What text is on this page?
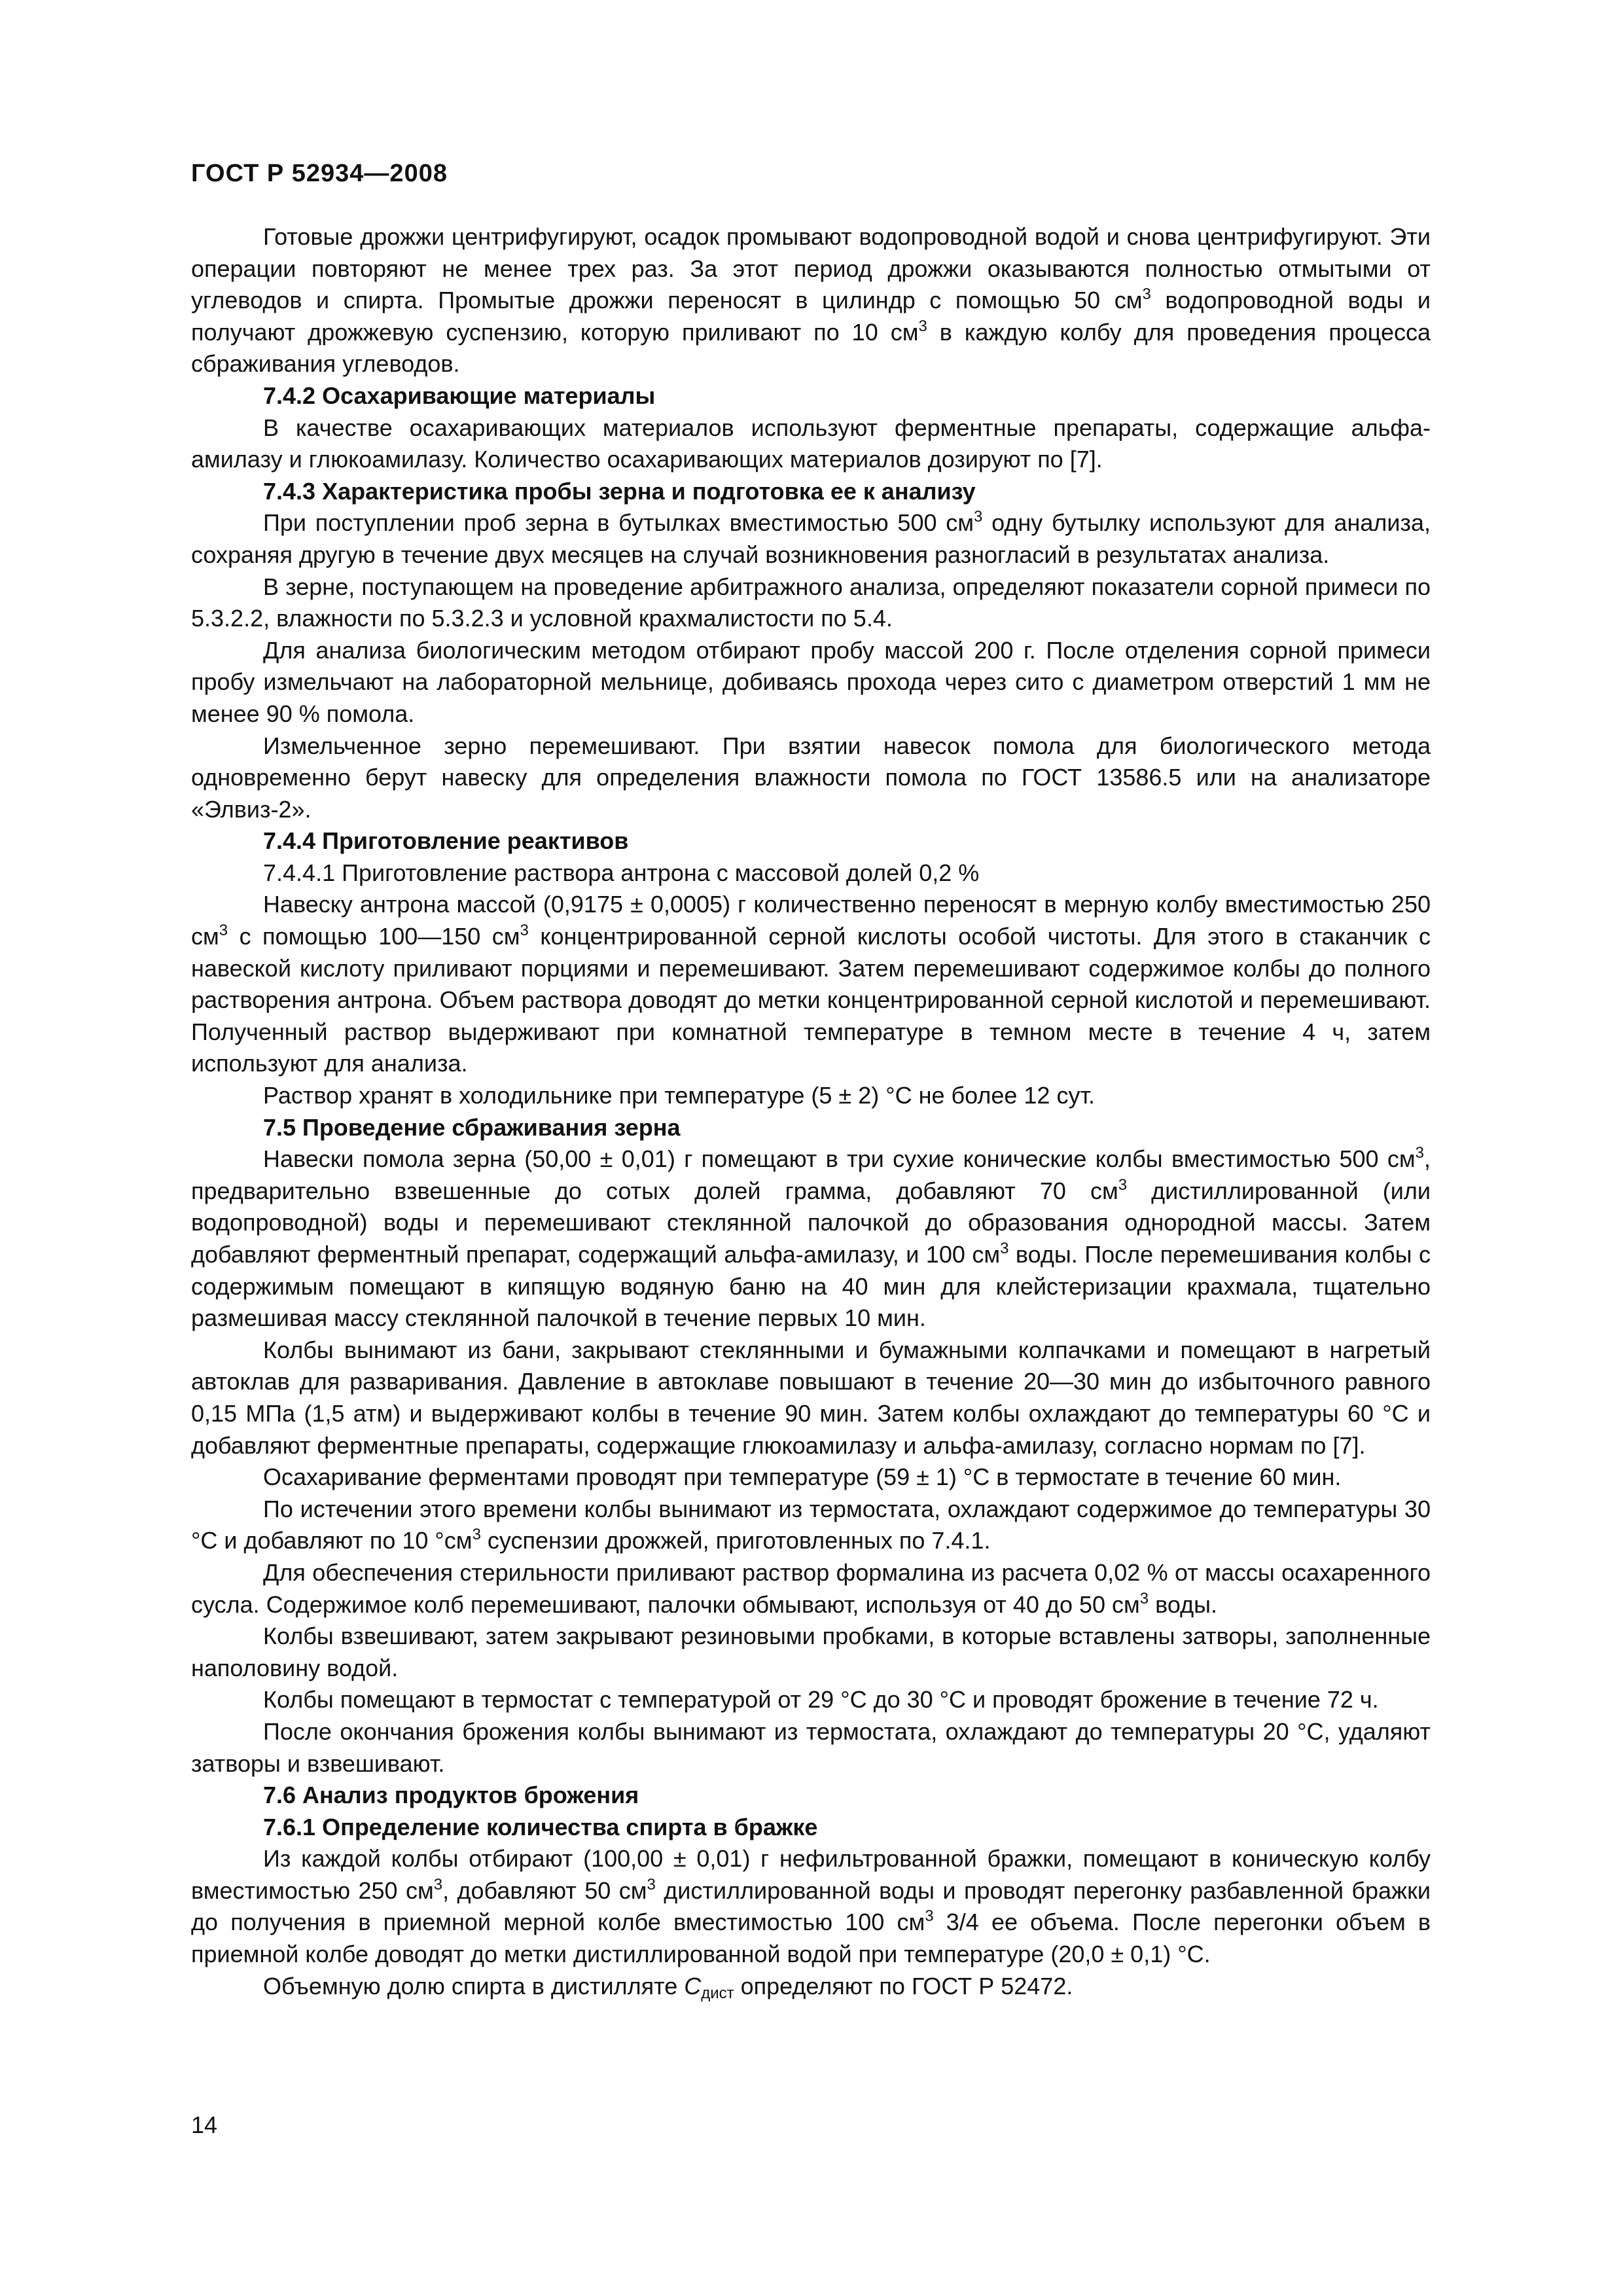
ГОСТ Р 52934—2008

Готовые дрожжи центрифугируют, осадок промывают водопроводной водой и снова центрифугируют. Эти операции повторяют не менее трех раз. За этот период дрожжи оказываются полностью отмытыми от углеводов и спирта. Промытые дрожжи переносят в цилиндр с помощью 50 $см^3$ водопроводной воды и получают дрожжевую суспензию, которую приливают по 10 $см^3$ в каждую колбу для проведения процесса сбраживания углеводов.

7.4.2 Осахаривающие материалы

В качестве осахаривающих материалов используют ферментные препараты, содержащие альфа-амилазу и глюкоамилазу. Количество осахаривающих материалов дозируют по [7].

7.4.3 Характеристика пробы зерна и подготовка ее к анализу

При поступлении проб зерна в бутылках вместимостью 500 $см^3$ одну бутылку используют для анализа, сохраняя другую в течение двух месяцев на случай возникновения разногласий в результатах анализа.

В зерне, поступающем на проведение арбитражного анализа, определяют показатели сорной примеси по 5.3.2.2, влажности по 5.3.2.3 и условной крахмалистости по 5.4.

Для анализа биологическим методом отбирают пробу массой 200 г. После отделения сорной примеси пробу измельчают на лабораторной мельнице, добиваясь прохода через сито с диаметром отверстий 1 мм не менее 90 % помола.

Измельченное зерно перемешивают. При взятии навесок помола для биологического метода одновременно берут навеску для определения влажности помола по ГОСТ 13586.5 или на анализаторе «Элвиз-2».

7.4.4 Приготовление реактивов

7.4.4.1 Приготовление раствора антрона с массовой долей 0,2 %

Навеску антрона массой (0,9175 ± 0,0005) г количественно переносят в мерную колбу вместимостью 250 $см^3$ с помощью 100—150 $см^3$ концентрированной серной кислоты особой чистоты. Для этого в стаканчик с навеской кислоту приливают порциями и перемешивают. Затем перемешивают содержимое колбы до полного растворения антрона. Объем раствора доводят до метки концентрированной серной кислотой и перемешивают. Полученный раствор выдерживают при комнатной температуре в темном месте в течение 4 ч, затем используют для анализа.

Раствор хранят в холодильнике при температуре (5 ± 2) °С не более 12 сут.

7.5 Проведение сбраживания зерна

Навески помола зерна (50,00 ± 0,01) г помещают в три сухие конические колбы вместимостью 500 $см^3$, предварительно взвешенные до сотых долей грамма, добавляют 70 $см^3$ дистиллированной (или водопроводной) воды и перемешивают стеклянной палочкой до образования однородной массы. Затем добавляют ферментный препарат, содержащий альфа-амилазу, и 100 $см^3$ воды. После перемешивания колбы с содержимым помещают в кипящую водяную баню на 40 мин для клейстеризации крахмала, тщательно размешивая массу стеклянной палочкой в течение первых 10 мин.

Колбы вынимают из бани, закрывают стеклянными и бумажными колпачками и помещают в нагретый автоклав для разваривания. Давление в автоклаве повышают в течение 20—30 мин до избыточного равного 0,15 МПа (1,5 атм) и выдерживают колбы в течение 90 мин. Затем колбы охлаждают до температуры 60 °С и добавляют ферментные препараты, содержащие глюкоамилазу и альфа-амилазу, согласно нормам по [7].

Осахаривание ферментами проводят при температуре (59 ± 1) °С в термостате в течение 60 мин.

По истечении этого времени колбы вынимают из термостата, охлаждают содержимое до температуры 30 °С и добавляют по 10 $^\circ см^3$ суспензии дрожжей, приготовленных по 7.4.1.

Для обеспечения стерильности приливают раствор формалина из расчета 0,02 % от массы осахаренного сусла. Содержимое колб перемешивают, палочки обмывают, используя от 40 до 50 $см^3$ воды.

Колбы взвешивают, затем закрывают резиновыми пробками, в которые вставлены затворы, заполненные наполовину водой.

Колбы помещают в термостат с температурой от 29 °С до 30 °С и проводят брожение в течение 72 ч.

После окончания брожения колбы вынимают из термостата, охлаждают до температуры 20 °С, удаляют затворы и взвешивают.

7.6 Анализ продуктов брожения

7.6.1 Определение количества спирта в бражке

Из каждой колбы отбирают (100,00 ± 0,01) г нефильтрованной бражки, помещают в коническую колбу вместимостью 250 $см^3$, добавляют 50 $см^3$ дистиллированной воды и проводят перегонку разбавленной бражки до получения в приемной мерной колбе вместимостью 100 $см^3$ 3/4 ее объема. После перегонки объем в приемной колбе доводят до метки дистиллированной водой при температуре (20,0 ± 0,1) °С.

Объемную долю спирта в дистилляте $С_{дист}$ определяют по ГОСТ Р 52472.

14
